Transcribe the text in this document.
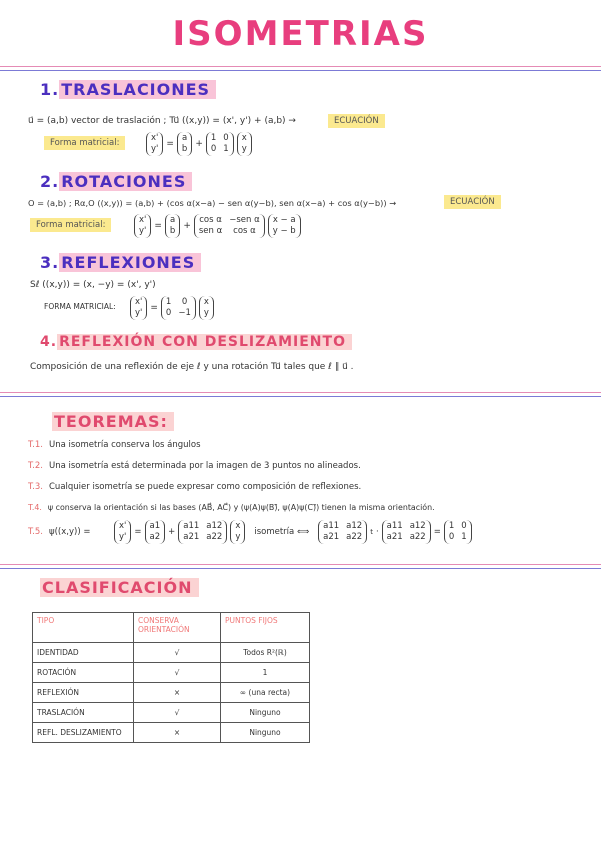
ISOMETRIAS
1. TRASLACIONES
u⃗ = (a,b) vector de traslación ; Tu⃗ ((x,y)) = (x', y') + (a,b) →	ECUACIÓN
Forma matricial:	x'
y' =
a
b +
1 0
0 1
x
y
2. ROTACIONES
O = (a,b) ; Rα,O ((x,y)) = (a,b) + (cos α(x−a) − sen α(y−b), sen α(x−a) + cos α(y−b)) →	ECUACIÓN
Forma matricial:	x'
y' =
a
b +
cos α −sen α
sen α	cos α
x − a
y − b
3. REFLEXIONES
Sℓ ((x,y)) = (x, −y) = (x', y')
FORMA MATRICIAL: x'
y' =
1	0
0 −1
x
y
4. REFLEXIÓN CON DESLIZAMIENTO
Composición de una reflexión de eje ℓ y una rotación Tu⃗ tales que ℓ ∥ u⃗ .
TEOREMAS:
T.1. Una isometría conserva los ángulos
T.2. Una isometría está determinada por la imagen de 3 puntos no alineados.
T.3. Cualquier isometría se puede expresar como composición de reflexiones.
T.4. ψ conserva la orientación si las bases (AB⃗, AC⃗) y (ψ(A)ψ(B)⃗, ψ(A)ψ(C)⃗) tienen la misma orientación.
T.5. ψ((x,y)) =
x'
y' =
a1
a2 +
a11 a12
a21 a22
x
y isometría ⟺
a11 a12
a21 a22 t ·
a11 a12
a21 a22 =
1 0
0 1
CLASIFICACIÓN
TIPO	CONSERVA ORIENTACIÓN	PUNTOS FIJOS
IDENTIDAD	√	Todos R²(ℝ)
ROTACIÓN	√	1
REFLEXIÓN	×	∞ (una recta)
TRASLACIÓN	√	Ninguno
REFL. DESLIZAMIENTO	×	Ninguno
